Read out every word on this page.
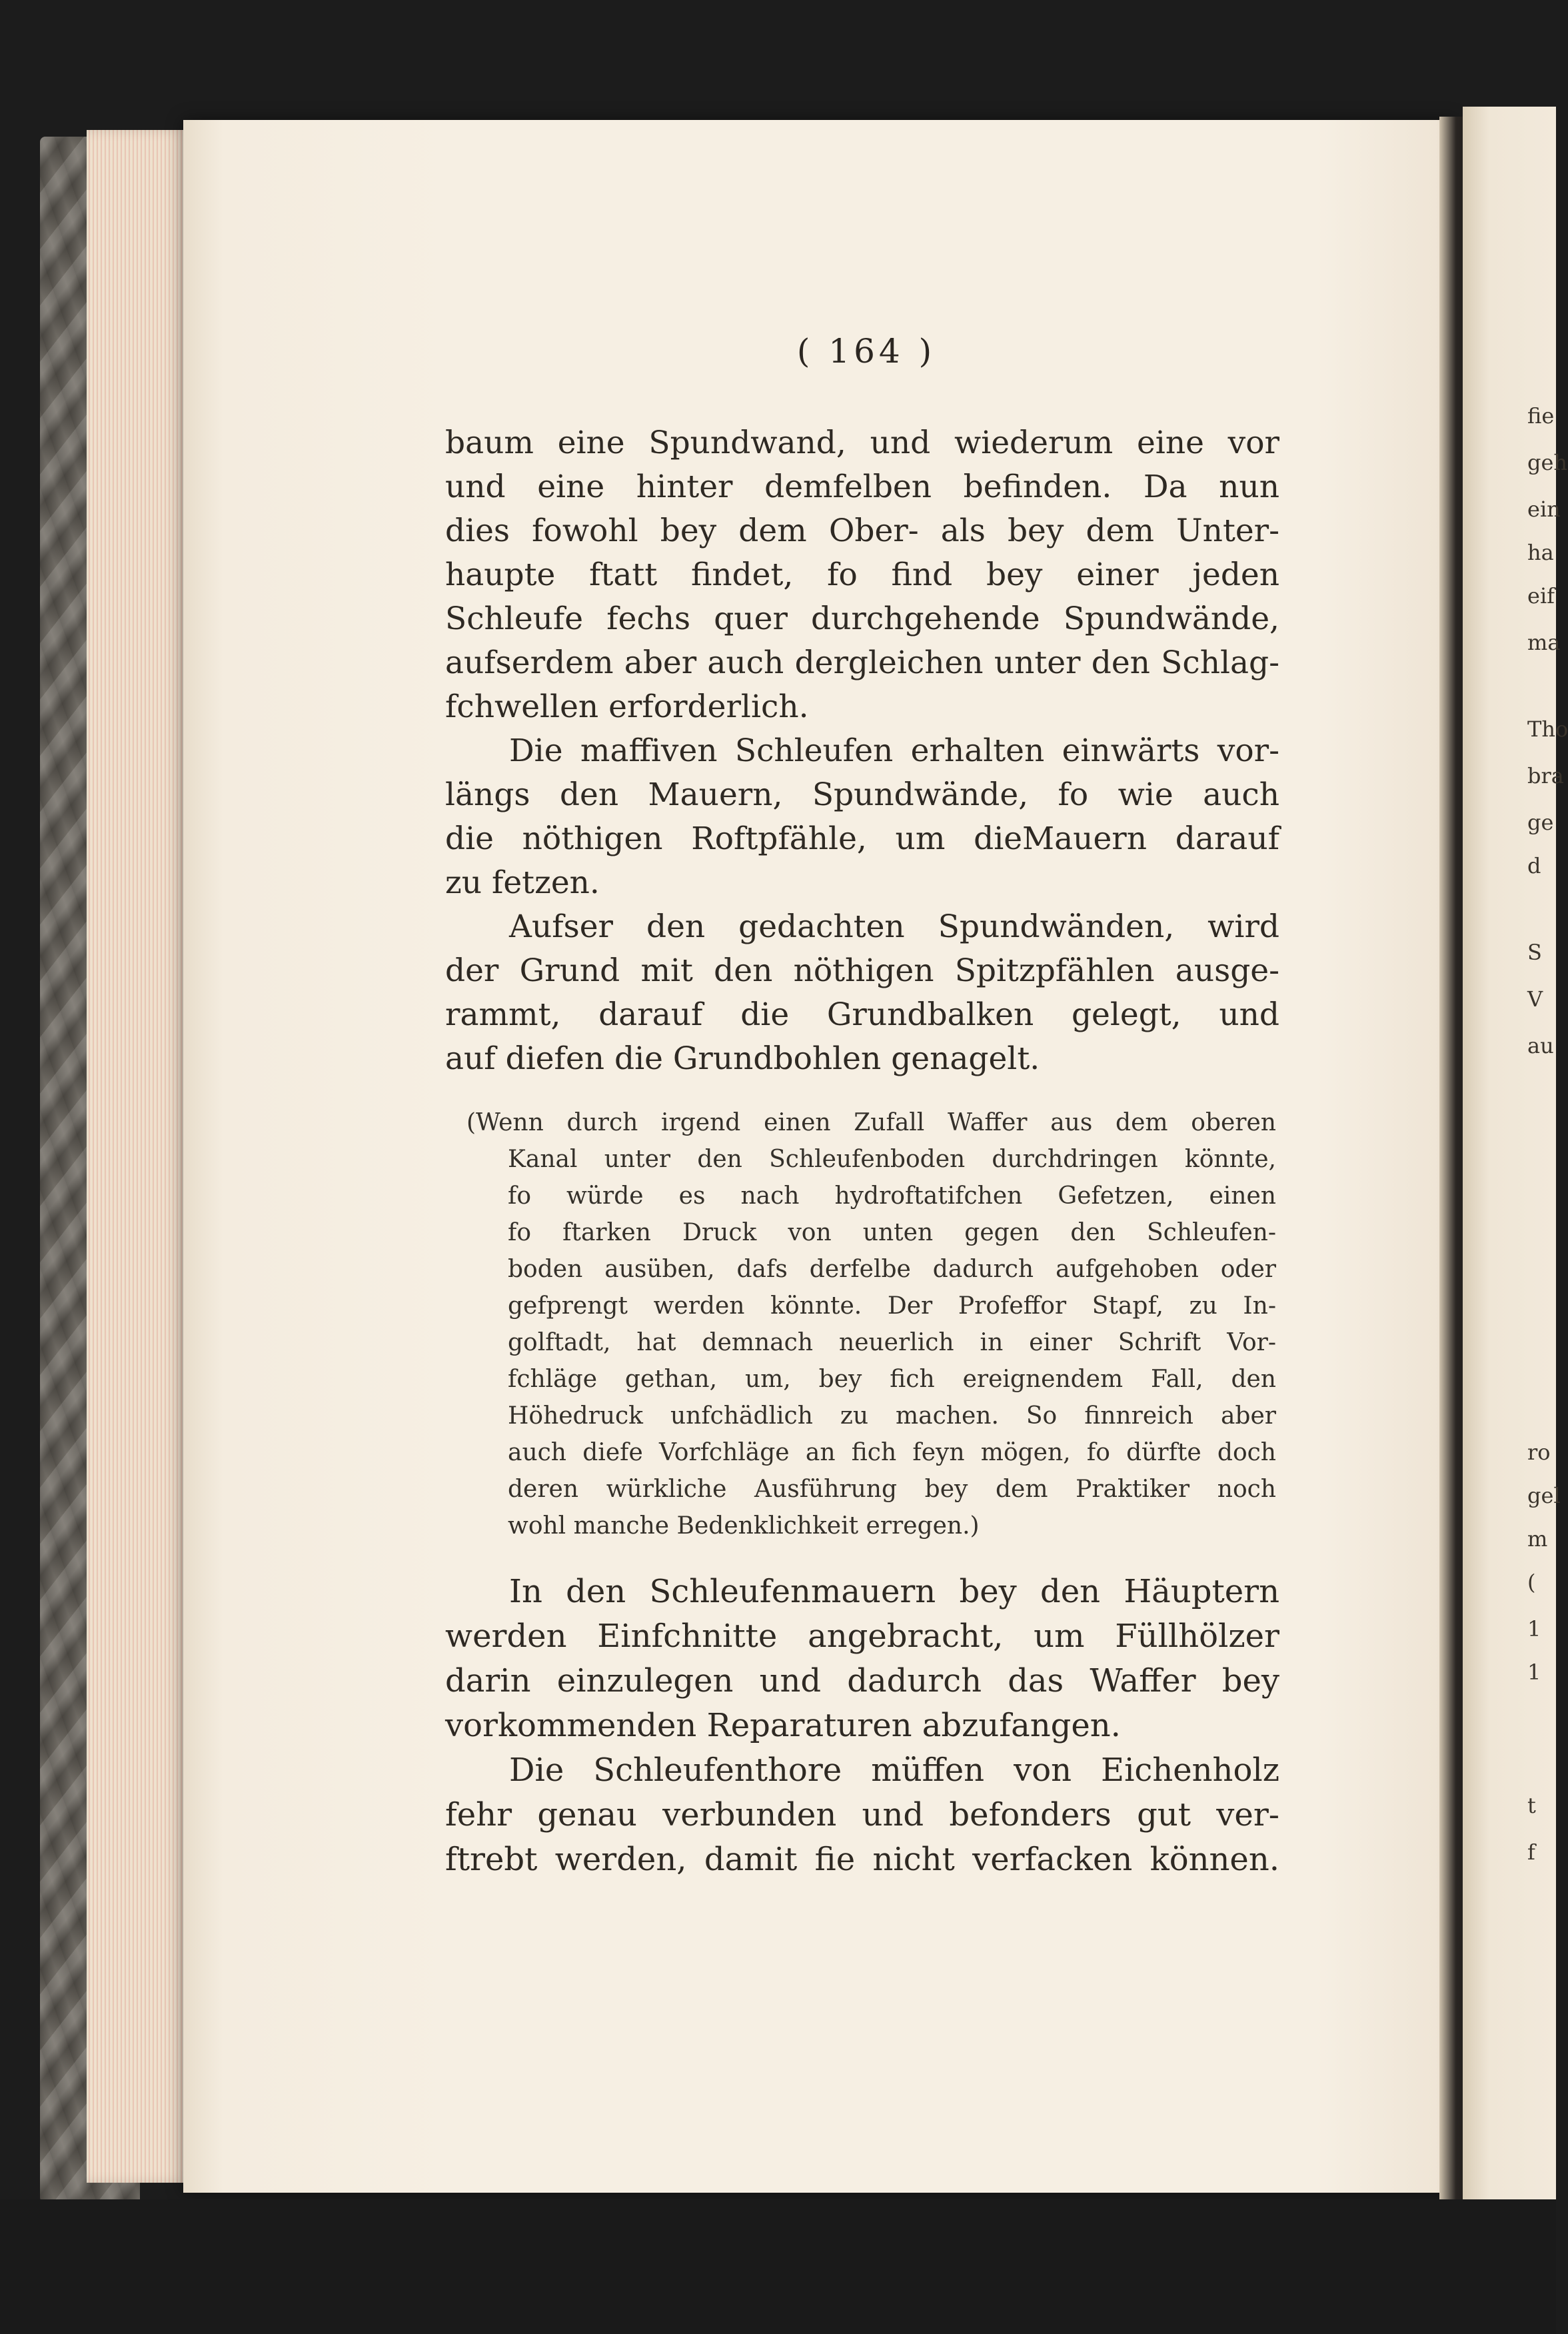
( 164 )
baum eine Spundwand, und wiederum eine vor
und eine hinter demfelben befinden. Da nun
dies fowohl bey dem Ober- als bey dem Unter-
haupte ftatt findet, fo find bey einer jeden
Schleufe fechs quer durchgehende Spundwände,
aufserdem aber auch dergleichen unter den Schlag-
fchwellen erforderlich.
Die maffiven Schleufen erhalten einwärts vor-
längs den Mauern, Spundwände, fo wie auch
die nöthigen Roftpfähle, um dieMauern darauf
zu fetzen.
Aufser den gedachten Spundwänden, wird
der Grund mit den nöthigen Spitzpfählen ausge-
rammt, darauf die Grundbalken gelegt, und
auf diefen die Grundbohlen genagelt.
(Wenn durch irgend einen Zufall Waffer aus dem oberen
Kanal unter den Schleufenboden durchdringen könnte,
fo würde es nach hydroftatifchen Gefetzen, einen
fo ftarken Druck von unten gegen den Schleufen-
boden ausüben, dafs derfelbe dadurch aufgehoben oder
gefprengt werden könnte. Der Profeffor Stapf, zu In-
golftadt, hat demnach neuerlich in einer Schrift Vor-
fchläge gethan, um, bey fich ereignendem Fall, den
Höhedruck unfchädlich zu machen. So finnreich aber
auch diefe Vorfchläge an fich feyn mögen, fo dürfte doch
deren würkliche Ausführung bey dem Praktiker noch
wohl manche Bedenklichkeit erregen.)
In den Schleufenmauern bey den Häuptern
werden Einfchnitte angebracht, um Füllhölzer
darin einzulegen und dadurch das Waffer bey
vorkommenden Reparaturen abzufangen.
Die Schleufenthore müffen von Eichenholz
fehr genau verbunden und befonders gut ver-
ftrebt werden, damit fie nicht verfacken können.
fie
geh
ein
ha
eif
ma
Tho
bra
ge
d
S
V
au
ro
gel
m
(
1
1
t
f
